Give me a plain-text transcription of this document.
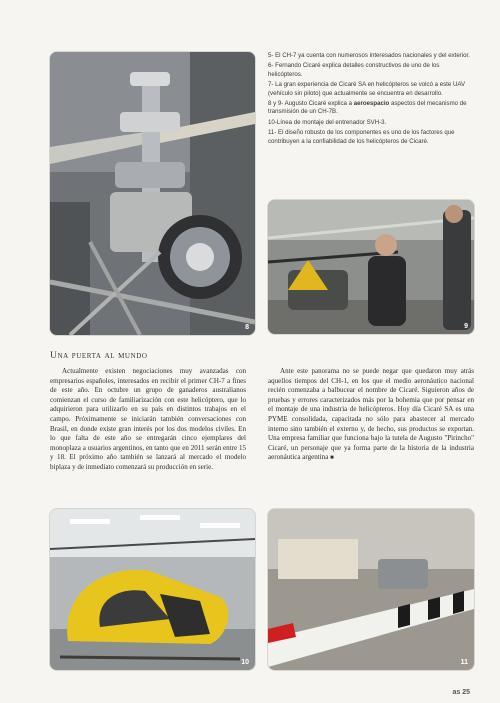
8

5- El CH-7 ya cuenta con numerosos interesados nacionales y del exterior.

6- Fernando Cicaré explica detalles constructivos de uno de los helicópteros.

7- La gran experiencia de Cicaré SA en helicópteros se volcó a este UAV (vehículo sin piloto) que actualmente se encuentra en desarrollo.

8 y 9- Augusto Cicaré explica a aeroespacio aspectos del mecanismo de transmisión de un CH-7B.

10-Línea de montaje del entrenador SVH-3.

11- El diseño robusto de los componentes es uno de los factores que contribuyen a la confiabilidad de los helicópteros de Cicaré.

9
Una puerta al mundo

Actualmente existen negociaciones muy avanzadas con empresarios españoles, interesados en recibir el primer CH-7 a fines de este año. En octubre un grupo de ganaderos australianos comienzan el curso de familiarización con este helicóptero, que lo adquirieron para utilizarlo en su país en distintos trabajos en el campo. Próximamente se iniciarán también conversaciones con Brasil, en donde existe gran interés por los dos modelos civiles. En lo que falta de este año se entregarán cinco ejemplares del monoplaza a usuarios argentinos, en tanto que en 2011 serán entre 15 y 18. El próximo año también se lanzará al mercado el modelo biplaza y de inmediato comenzará su producción en serie.

Ante este panorama no se puede negar que quedaron muy atrás aquellos tiempos del CH-1, en los que el medio aeronáutico nacional recién comenzaba a balbucear el nombre de Cicaré. Siguieron años de pruebas y errores caracterizados más por la bohemia que por pensar en el montaje de una industria de helicópteros. Hoy día Cicaré SA es una PYME consolidada, capacitada no sólo para abastecer al mercado interno sino también el externo y, de hecho, sus productos se exportan. Una empresa familiar que funciona bajo la tutela de Augusto "Pirincho" Cicaré, un personaje que ya forma parte de la historia de la industria aeronáutica argentina ■

10	11
as 25
